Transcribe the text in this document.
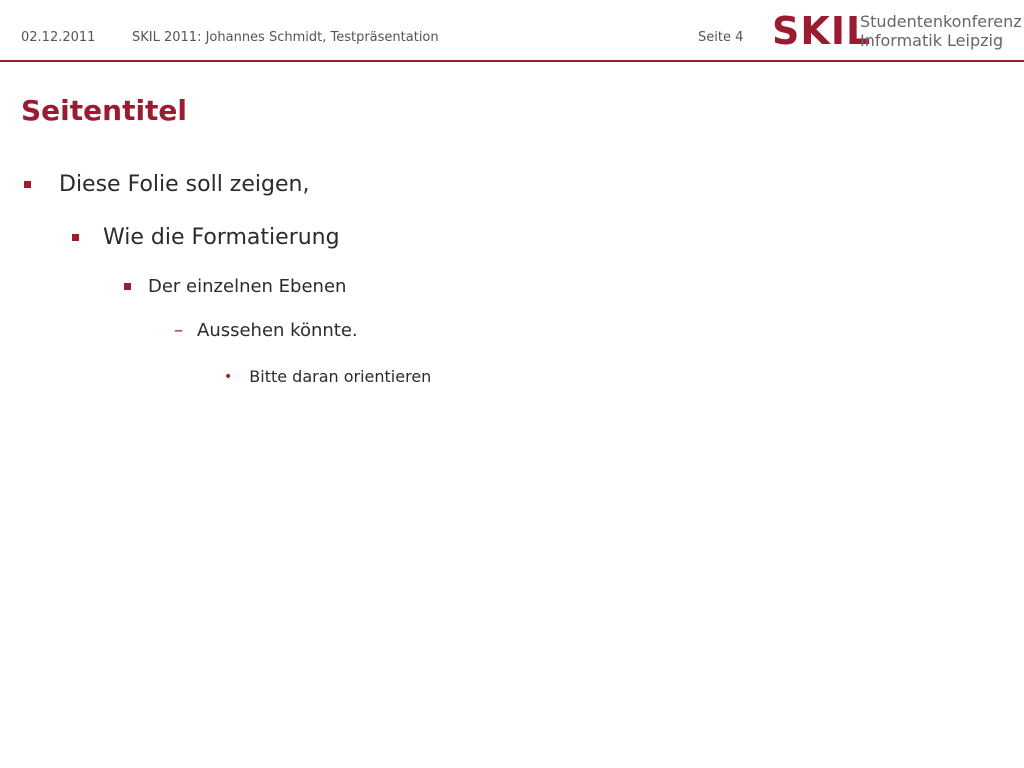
02.12.2011	SKIL 2011: Johannes Schmidt, Testpräsentation	Seite 4 SKIL
Studentenkonferenz
Informatik Leipzig
Seitentitel
Diese Folie soll zeigen,
Wie die Formatierung
Der einzelnen Ebenen
– Aussehen könnte.
• Bitte daran orientieren
